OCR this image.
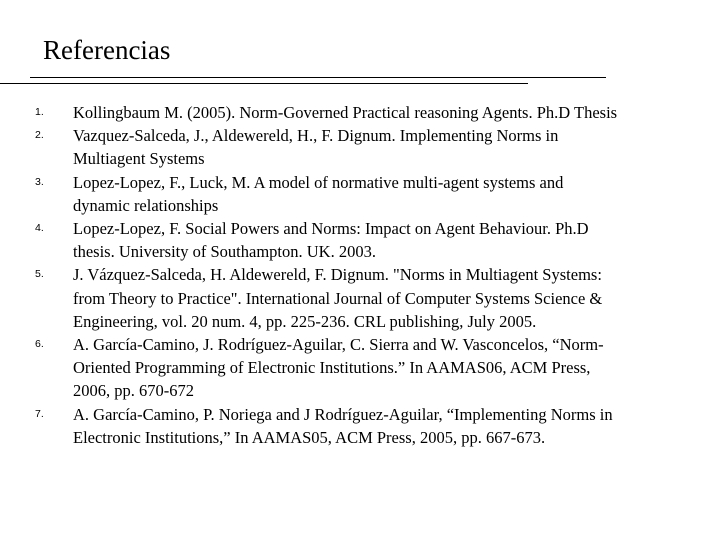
Referencias
1.	Kollingbaum M. (2005). Norm-Governed Practical reasoning Agents. Ph.D Thesis
2.	Vazquez-Salceda, J., Aldewereld, H., F. Dignum. Implementing Norms in
Multiagent Systems
3.	Lopez-Lopez, F., Luck, M. A model of normative multi-agent systems and
dynamic relationships
4.	Lopez-Lopez, F. Social Powers and Norms: Impact on Agent Behaviour. Ph.D
thesis. University of Southampton. UK. 2003.
5.	J. Vázquez-Salceda, H. Aldewereld, F. Dignum. "Norms in Multiagent Systems:
from Theory to Practice". International Journal of Computer Systems Science &
Engineering, vol. 20 num. 4, pp. 225-236. CRL publishing, July 2005.
6.	A. García-Camino, J. Rodríguez-Aguilar, C. Sierra and W. Vasconcelos, “Norm-
Oriented Programming of Electronic Institutions.” In AAMAS06, ACM Press,
2006, pp. 670-672
7.	A. García-Camino, P. Noriega and J Rodríguez-Aguilar, “Implementing Norms in
Electronic Institutions,” In AAMAS05, ACM Press, 2005, pp. 667-673.
